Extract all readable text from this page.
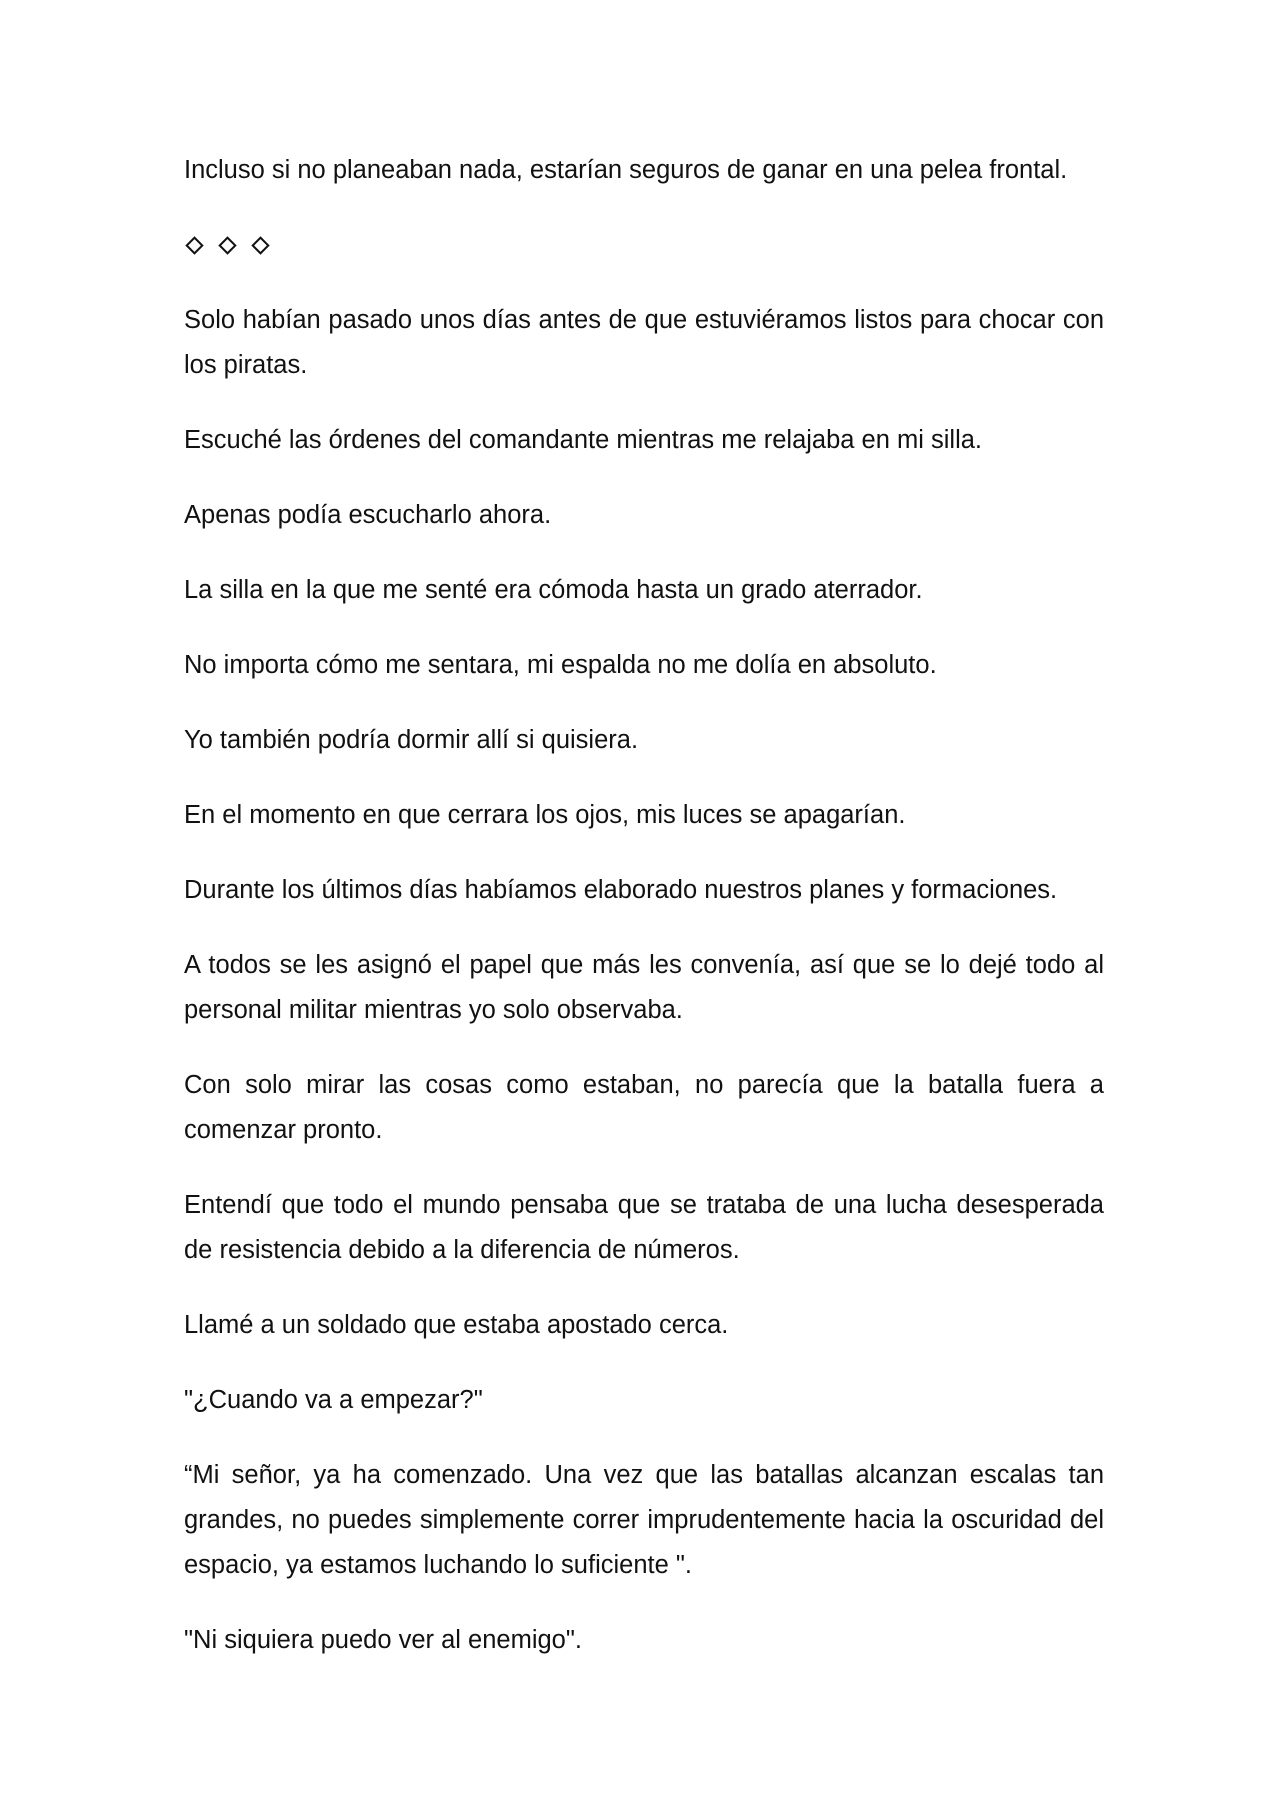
Incluso si no planeaban nada, estarían seguros de ganar en una pelea frontal.

Solo habían pasado unos días antes de que estuviéramos listos para chocar con los piratas.

Escuché las órdenes del comandante mientras me relajaba en mi silla.

Apenas podía escucharlo ahora.

La silla en la que me senté era cómoda hasta un grado aterrador.

No importa cómo me sentara, mi espalda no me dolía en absoluto.

Yo también podría dormir allí si quisiera.

En el momento en que cerrara los ojos, mis luces se apagarían.

Durante los últimos días habíamos elaborado nuestros planes y formaciones.

A todos se les asignó el papel que más les convenía, así que se lo dejé todo al personal militar mientras yo solo observaba.

Con solo mirar las cosas como estaban, no parecía que la batalla fuera a comenzar pronto.

Entendí que todo el mundo pensaba que se trataba de una lucha desesperada de resistencia debido a la diferencia de números.

Llamé a un soldado que estaba apostado cerca.

"¿Cuando va a empezar?"

“Mi señor, ya ha comenzado. Una vez que las batallas alcanzan escalas tan grandes, no puedes simplemente correr imprudentemente hacia la oscuridad del espacio, ya estamos luchando lo suficiente ".

"Ni siquiera puedo ver al enemigo".
